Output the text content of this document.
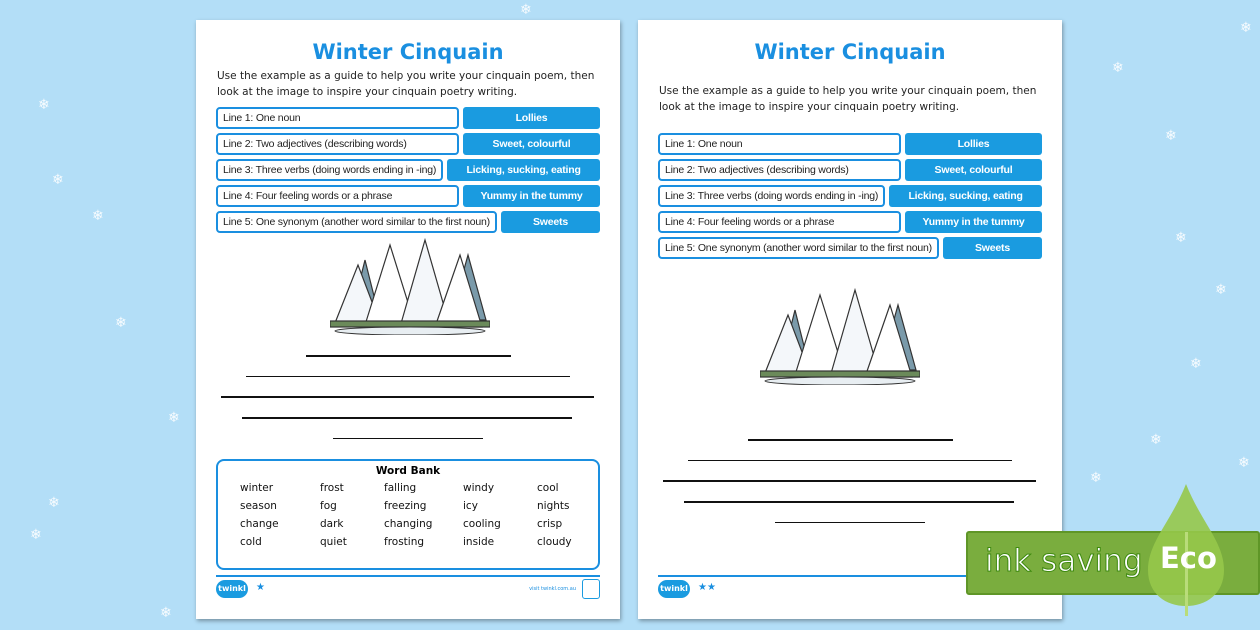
❄
❄
❄
❄
❄
❄
❄
❄
❄
❄
❄
❄
❄
❄
❄
❄
❄
❄
Winter Cinquain
Use the example as a guide to help you write your cinquain poem, then look at the image to inspire your cinquain poetry writing.
Line 1: One noun	Lollies
Line 2: Two adjectives (describing words)	Sweet, colourful
Line 3: Three verbs (doing words ending in -ing)	Licking, sucking, eating
Line 4: Four feeling words or a phrase	Yummy in the tummy
Line 5: One synonym (another word similar to the first noun)	Sweets
Word Bank
winter	frost	falling	windy	cool
season	fog	freezing	icy	nights
change	dark	changing	cooling	crisp
cold	quiet	frosting	inside	cloudy
twinkl ★	visit twinkl.com.au
Winter Cinquain
Use the example as a guide to help you write your cinquain poem, then look at the image to inspire your cinquain poetry writing.
Line 1: One noun	Lollies
Line 2: Two adjectives (describing words)	Sweet, colourful
Line 3: Three verbs (doing words ending in -ing)	Licking, sucking, eating
Line 4: Four feeling words or a phrase	Yummy in the tummy
Line 5: One synonym (another word similar to the first noun)	Sweets
twinkl ★★
ink saving Eco
